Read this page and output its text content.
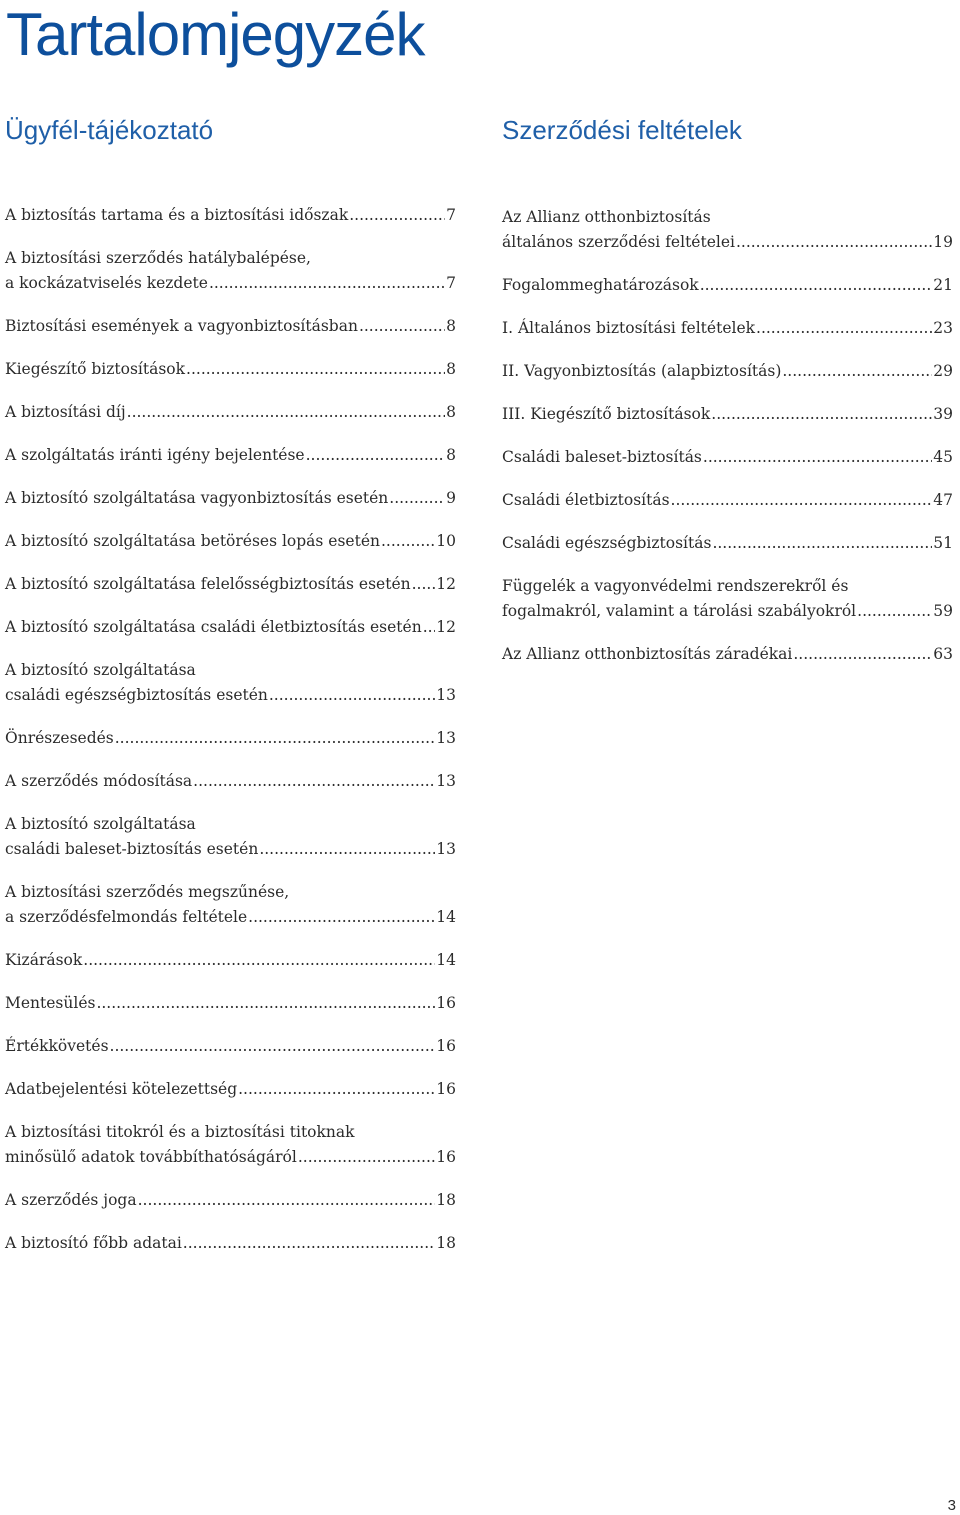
Tartalomjegyzék
Ügyfél-tájékoztató	Szerződési feltételek
A biztosítás tartama és a biztosítási időszak .....	7
A biztosítási szerződés hatálybalépése,
a kockázatviselés kezdete .....	7
Biztosítási események a vagyonbiztosításban .....	8
Kiegészítő biztosítások .....	8
A biztosítási díj .....	8
A szolgáltatás iránti igény bejelentése .....	8
A biztosító szolgáltatása vagyonbiztosítás esetén .....	9
A biztosító szolgáltatása betöréses lopás esetén .....	10
A biztosító szolgáltatása felelősségbiztosítás esetén ..... 12
A biztosító szolgáltatása családi életbiztosítás esetén ..... 12
A biztosító szolgáltatása
családi egészségbiztosítás esetén .....	13
Önrészesedés .....	13
A szerződés módosítása .....	13
A biztosító szolgáltatása
családi baleset-biztosítás esetén .....	13
A biztosítási szerződés megszűnése,
a szerződésfelmondás feltétele .....	14
Kizárások .....	14
Mentesülés .....	16
Értékkövetés .....	16
Adatbejelentési kötelezettség .....	16
A biztosítási titokról és a biztosítási titoknak
minősülő adatok továbbíthatóságáról .....	16
A szerződés joga .....	18
A biztosító főbb adatai .....	18
Az Allianz otthonbiztosítás
általános szerződési feltételei .....	19
Fogalommeghatározások .....	21
I. Általános biztosítási feltételek .....	23
II. Vagyonbiztosítás (alapbiztosítás) .....	29
III. Kiegészítő biztosítások .....	39
Családi baleset-biztosítás .....	45
Családi életbiztosítás .....	47
Családi egészségbiztosítás .....	51
Függelék a vagyonvédelmi rendszerekről és
fogalmakról, valamint a tárolási szabályokról .....	59
Az Allianz otthonbiztosítás záradékai .....	63
3
